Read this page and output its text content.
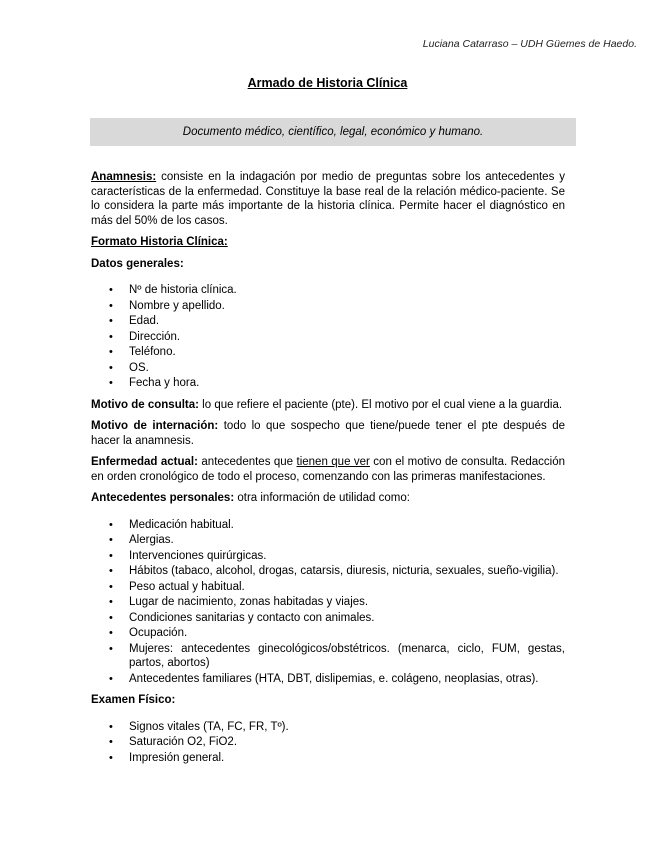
Luciana Catarraso – UDH Güemes de Haedo.
Armado de Historia Clínica
Documento médico, científico, legal, económico y humano.

Anamnesis: consiste en la indagación por medio de preguntas sobre los antecedentes y características de la enfermedad. Constituye la base real de la relación médico-paciente. Se lo considera la parte más importante de la historia clínica. Permite hacer el diagnóstico en más del 50% de los casos.

Formato Historia Clínica:

Datos generales:

• Nº de historia clínica.
• Nombre y apellido.
• Edad.
• Dirección.
• Teléfono.
• OS.
• Fecha y hora.

Motivo de consulta: lo que refiere el paciente (pte). El motivo por el cual viene a la guardia.

Motivo de internación: todo lo que sospecho que tiene/puede tener el pte después de hacer la anamnesis.

Enfermedad actual: antecedentes que tienen que ver con el motivo de consulta. Redacción en orden cronológico de todo el proceso, comenzando con las primeras manifestaciones.

Antecedentes personales: otra información de utilidad como:

• Medicación habitual.
• Alergias.
• Intervenciones quirúrgicas.
• Hábitos (tabaco, alcohol, drogas, catarsis, diuresis, nicturia, sexuales, sueño-vigilia).
• Peso actual y habitual.
• Lugar de nacimiento, zonas habitadas y viajes.
• Condiciones sanitarias y contacto con animales.
• Ocupación.
• Mujeres: antecedentes ginecológicos/obstétricos. (menarca, ciclo, FUM, gestas, partos, abortos)
• Antecedentes familiares (HTA, DBT, dislipemias, e. colágeno, neoplasias, otras).

Examen Físico:

• Signos vitales (TA, FC, FR, Tº).
• Saturación O2, FiO2.
• Impresión general.
